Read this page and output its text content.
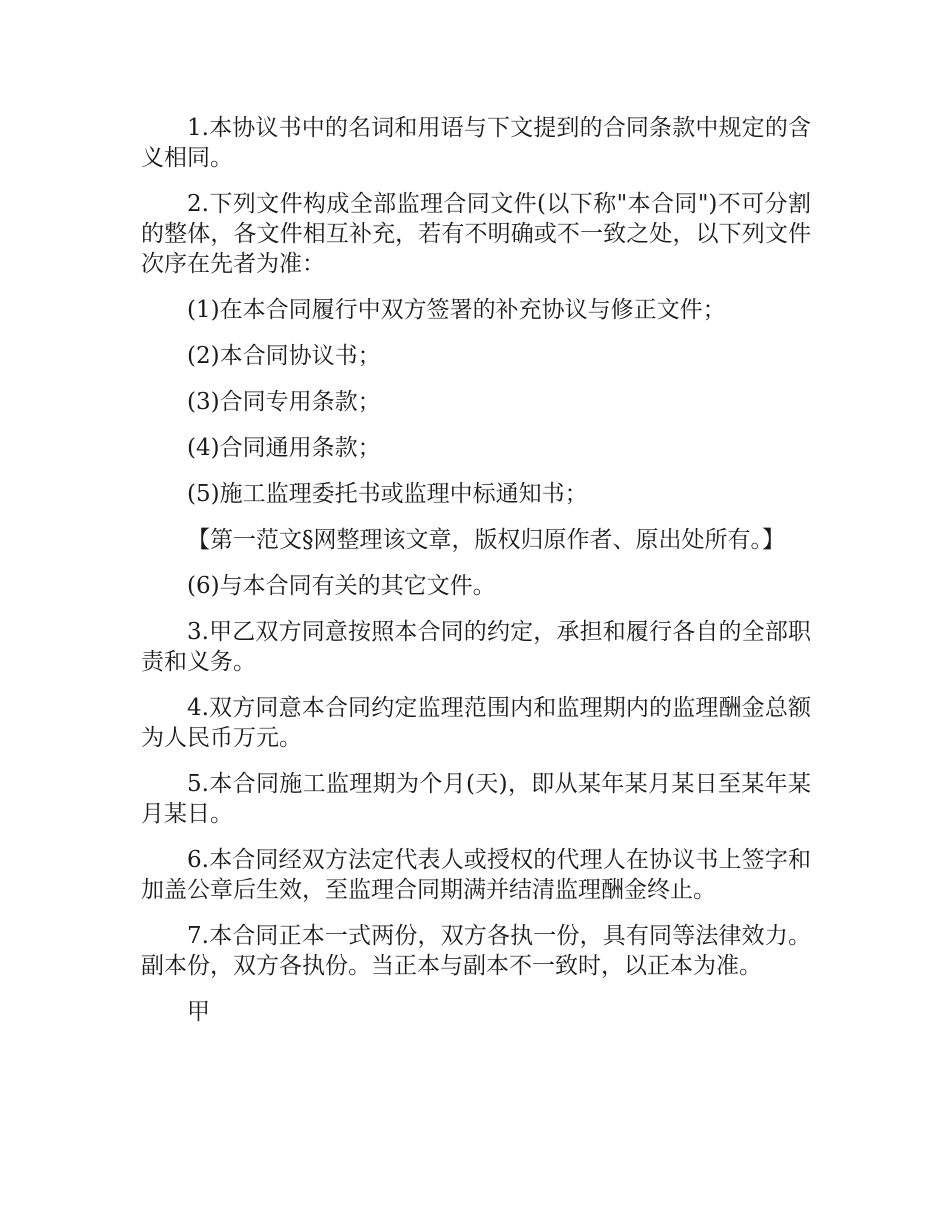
1.本协议书中的名词和用语与下文提到的合同条款中规定的含义相同。

2.下列文件构成全部监理合同文件(以下称"本合同")不可分割的整体，各文件相互补充，若有不明确或不一致之处，以下列文件次序在先者为准：

(1)在本合同履行中双方签署的补充协议与修正文件；

(2)本合同协议书；

(3)合同专用条款；

(4)合同通用条款；

(5)施工监理委托书或监理中标通知书；

【第一范文§网整理该文章，版权归原作者、原出处所有。】

(6)与本合同有关的其它文件。

3.甲乙双方同意按照本合同的约定，承担和履行各自的全部职责和义务。

4.双方同意本合同约定监理范围内和监理期内的监理酬金总额为人民币万元。

5.本合同施工监理期为个月(天)，即从某年某月某日至某年某月某日。

6.本合同经双方法定代表人或授权的代理人在协议书上签字和加盖公章后生效，至监理合同期满并结清监理酬金终止。

7.本合同正本一式两份，双方各执一份，具有同等法律效力。副本份，双方各执份。当正本与副本不一致时，以正本为准。

甲
